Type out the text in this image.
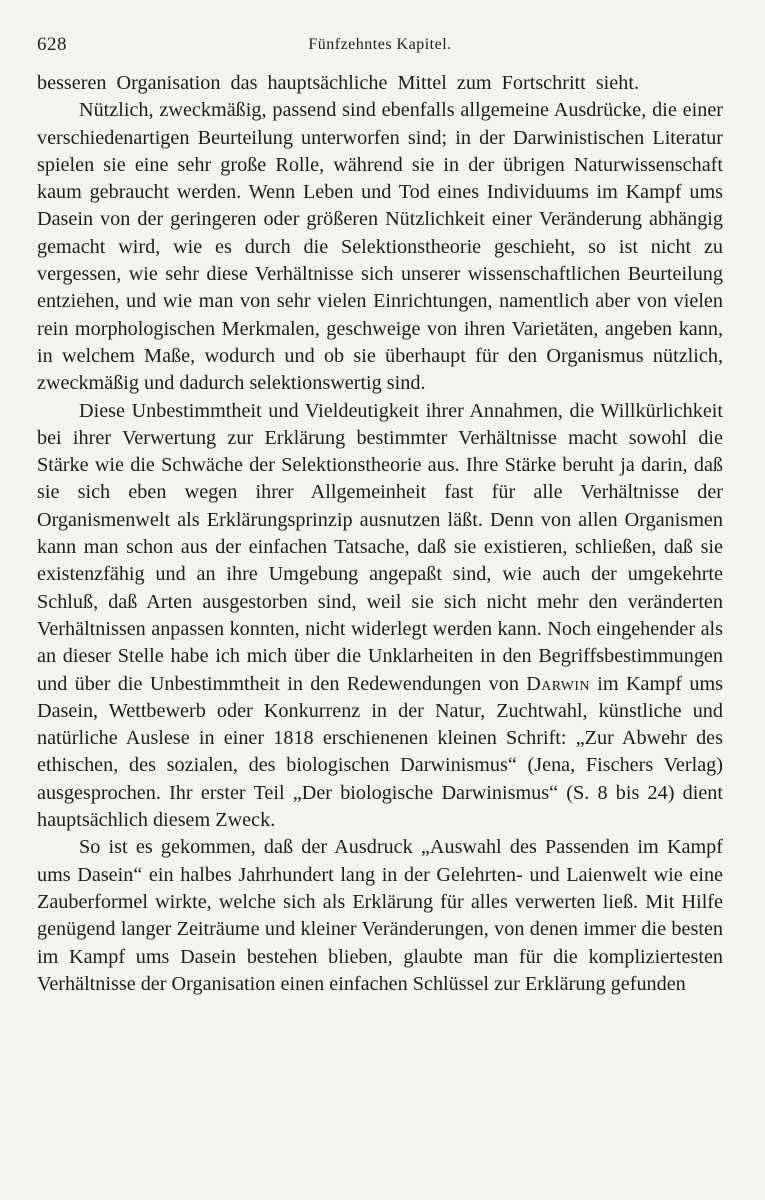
628	Fünfzehntes Kapitel.

besseren Organisation das hauptsächliche Mittel zum Fortschritt sieht.

Nützlich, zweckmäßig, passend sind ebenfalls allgemeine Ausdrücke, die einer verschiedenartigen Beurteilung unterworfen sind; in der Darwinistischen Literatur spielen sie eine sehr große Rolle, während sie in der übrigen Naturwissenschaft kaum gebraucht werden. Wenn Leben und Tod eines Individuums im Kampf ums Dasein von der geringeren oder größeren Nützlichkeit einer Veränderung abhängig gemacht wird, wie es durch die Selektionstheorie geschieht, so ist nicht zu vergessen, wie sehr diese Verhältnisse sich unserer wissenschaftlichen Beurteilung entziehen, und wie man von sehr vielen Einrichtungen, namentlich aber von vielen rein morphologischen Merkmalen, geschweige von ihren Varietäten, angeben kann, in welchem Maße, wodurch und ob sie überhaupt für den Organismus nützlich, zweckmäßig und dadurch selektionswertig sind.

Diese Unbestimmtheit und Vieldeutigkeit ihrer Annahmen, die Willkürlichkeit bei ihrer Verwertung zur Erklärung bestimmter Verhältnisse macht sowohl die Stärke wie die Schwäche der Selektionstheorie aus. Ihre Stärke beruht ja darin, daß sie sich eben wegen ihrer Allgemeinheit fast für alle Verhältnisse der Organismenwelt als Erklärungsprinzip ausnutzen läßt. Denn von allen Organismen kann man schon aus der einfachen Tatsache, daß sie existieren, schließen, daß sie existenzfähig und an ihre Umgebung angepaßt sind, wie auch der umgekehrte Schluß, daß Arten ausgestorben sind, weil sie sich nicht mehr den veränderten Verhältnissen anpassen konnten, nicht widerlegt werden kann. Noch eingehender als an dieser Stelle habe ich mich über die Unklarheiten in den Begriffsbestimmungen und über die Unbestimmtheit in den Redewendungen von Darwin im Kampf ums Dasein, Wettbewerb oder Konkurrenz in der Natur, Zuchtwahl, künstliche und natürliche Auslese in einer 1818 erschienenen kleinen Schrift: „Zur Abwehr des ethischen, des sozialen, des biologischen Darwinismus“ (Jena, Fischers Verlag) ausgesprochen. Ihr erster Teil „Der biologische Darwinismus“ (S. 8 bis 24) dient hauptsächlich diesem Zweck.

So ist es gekommen, daß der Ausdruck „Auswahl des Passenden im Kampf ums Dasein“ ein halbes Jahrhundert lang in der Gelehrten- und Laienwelt wie eine Zauberformel wirkte, welche sich als Erklärung für alles verwerten ließ. Mit Hilfe genügend langer Zeiträume und kleiner Veränderungen, von denen immer die besten im Kampf ums Dasein bestehen blieben, glaubte man für die kompliziertesten Verhältnisse der Organisation einen einfachen Schlüssel zur Erklärung gefunden
